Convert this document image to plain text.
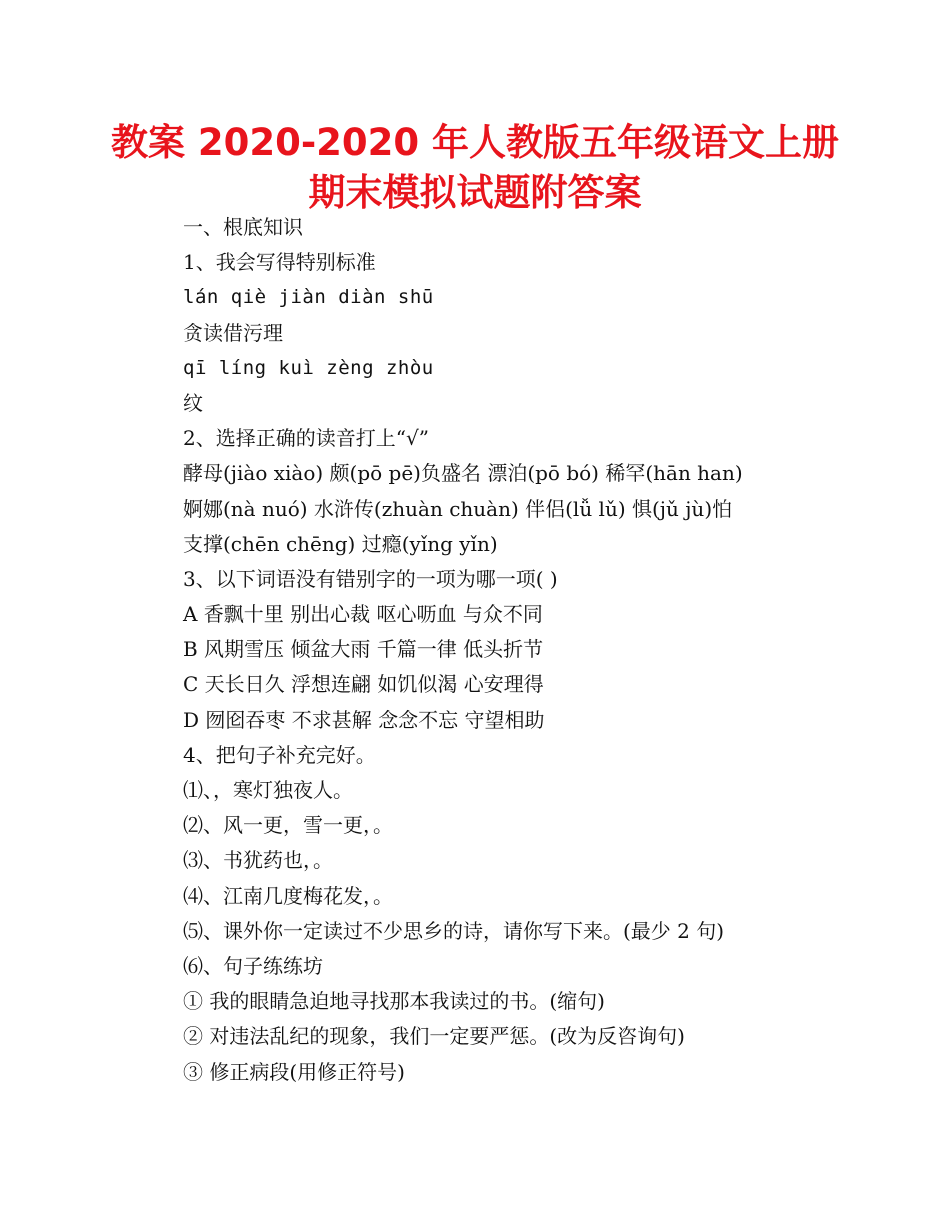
教案 2020-2020 年人教版五年级语文上册
期末模拟试题附答案
一、根底知识
1、我会写得特别标准
lán qiè jiàn diàn shū
贪读借污理
qī líng kuì zèng zhòu
纹
2、选择正确的读音打上“√”
酵母(jiào xiào) 颇(pō pē)负盛名 漂泊(pō bó) 稀罕(hān han)
婀娜(nà nuó) 水浒传(zhuàn chuàn) 伴侣(lǚ lǔ) 惧(jǔ jù)怕
支撑(chēn chēng) 过瘾(yǐng yǐn)
3、以下词语没有错别字的一项为哪一项( )
A 香飘十里 别出心裁 呕心呖血 与众不同
B 风期雪压 倾盆大雨 千篇一律 低头折节
C 天长日久 浮想连翩 如饥似渴 心安理得
D 囫囵吞枣 不求甚解 念念不忘 守望相助
4、把句子补充完好。
⑴、，寒灯独夜人。
⑵、风一更，雪一更，。
⑶、书犹药也，。
⑷、江南几度梅花发，。
⑸、课外你一定读过不少思乡的诗，请你写下来。(最少 2 句)
⑹、句子练练坊
① 我的眼睛急迫地寻找那本我读过的书。(缩句)
② 对违法乱纪的现象，我们一定要严惩。(改为反咨询句)
③ 修正病段(用修正符号)
